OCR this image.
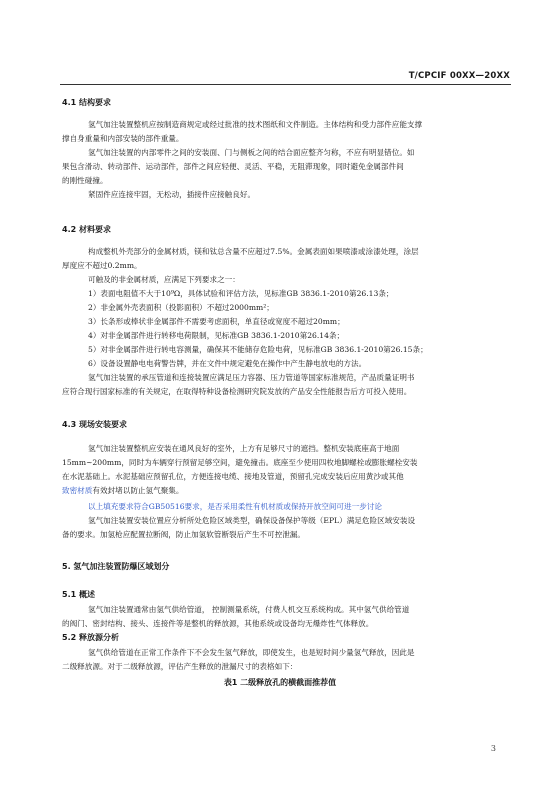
T/CPCIF 00XX—20XX
4.1 结构要求
氢气加注装置整机应按制造商规定或经过批准的技术图纸和文件制造。主体结构和受力部件应能支撑
撑自身重量和内部安装的部件重量。
氢气加注装置的内部零件之间的安装面、门与侧板之间的结合面应整齐匀称，不应有明显错位。如
果包含滑动、转动部件、运动部件，部件之间应轻便、灵活、平稳，无阻滞现象，同时避免金属部件间
的刚性碰撞。
紧固件应连接牢固，无松动，插接件应接触良好。
4.2 材料要求
构成整机外壳部分的金属材质，镁和钛总含量不应超过7.5%。金属表面如果喷漆或涂漆处理，涂层
厚度应不超过0.2mm。
可触及的非金属材质，应满足下列要求之一：
1）表面电阻值不大于10⁹Ω，具体试验和评估方法，见标准GB 3836.1-2010第26.13条；
2）非金属外壳表面积（投影面积）不超过2000mm²；
3）长条形或棒状非金属部件不需要考虑面积，单直径或宽度不超过20mm；
4）对非金属部件进行转移电荷限制，见标准GB 3836.1-2010第26.14条；
5）对非金属部件进行转电容测量，确保其不能储存危险电荷，见标准GB 3836.1-2010第26.15条；
6）设备设置静电电荷警告牌，并在文件中规定避免在操作中产生静电放电的方法。
氢气加注装置的承压管道和连接装置应满足压力容器、压力管道等国家标准规范，产品质量证明书
应符合现行国家标准的有关规定，在取得特种设备检测研究院发放的产品安全性能报告后方可投入使用。
4.3 现场安装要求
氢气加注装置整机应安装在通风良好的室外，上方有足够尺寸的遮挡。整机安装底座高于地面
15mm~200mm，同时为车辆穿行预留足够空间，避免撞击。底座至少使用四枚地脚螺栓或膨胀螺栓安装
在水泥基础上。水泥基础应预留孔位，方便连接电缆、接地及管道，预留孔完成安装后应用黄沙或其他
致密材质有效封堵以防止氢气聚集。
以上填充要求符合GB50516要求，是否采用柔性有机材质或保持开放空间可进一步讨论
氢气加注装置安装位置应分析所处危险区域类型，确保设备保护等级（EPL）满足危险区域安装设
备的要求。加氢枪应配置拉断阀，防止加氢软管断裂后产生不可控泄漏。
5. 氢气加注装置防爆区域划分
5.1 概述
氢气加注装置通常由氢气供给管道， 控制测量系统，付费人机交互系统构成。其中氢气供给管道
的阀门、密封结构、接头、连接件等是整机的释放源，其他系统或设备均无爆炸性气体释放。
5.2 释放源分析
氢气供给管道在正常工作条件下不会发生氢气释放，即使发生，也是短时间少量氢气释放，因此是
二级释放源。对于二级释放源，评估产生释放的泄漏尺寸的表格如下：
表1 二级释放孔的横截面推荐值
3
